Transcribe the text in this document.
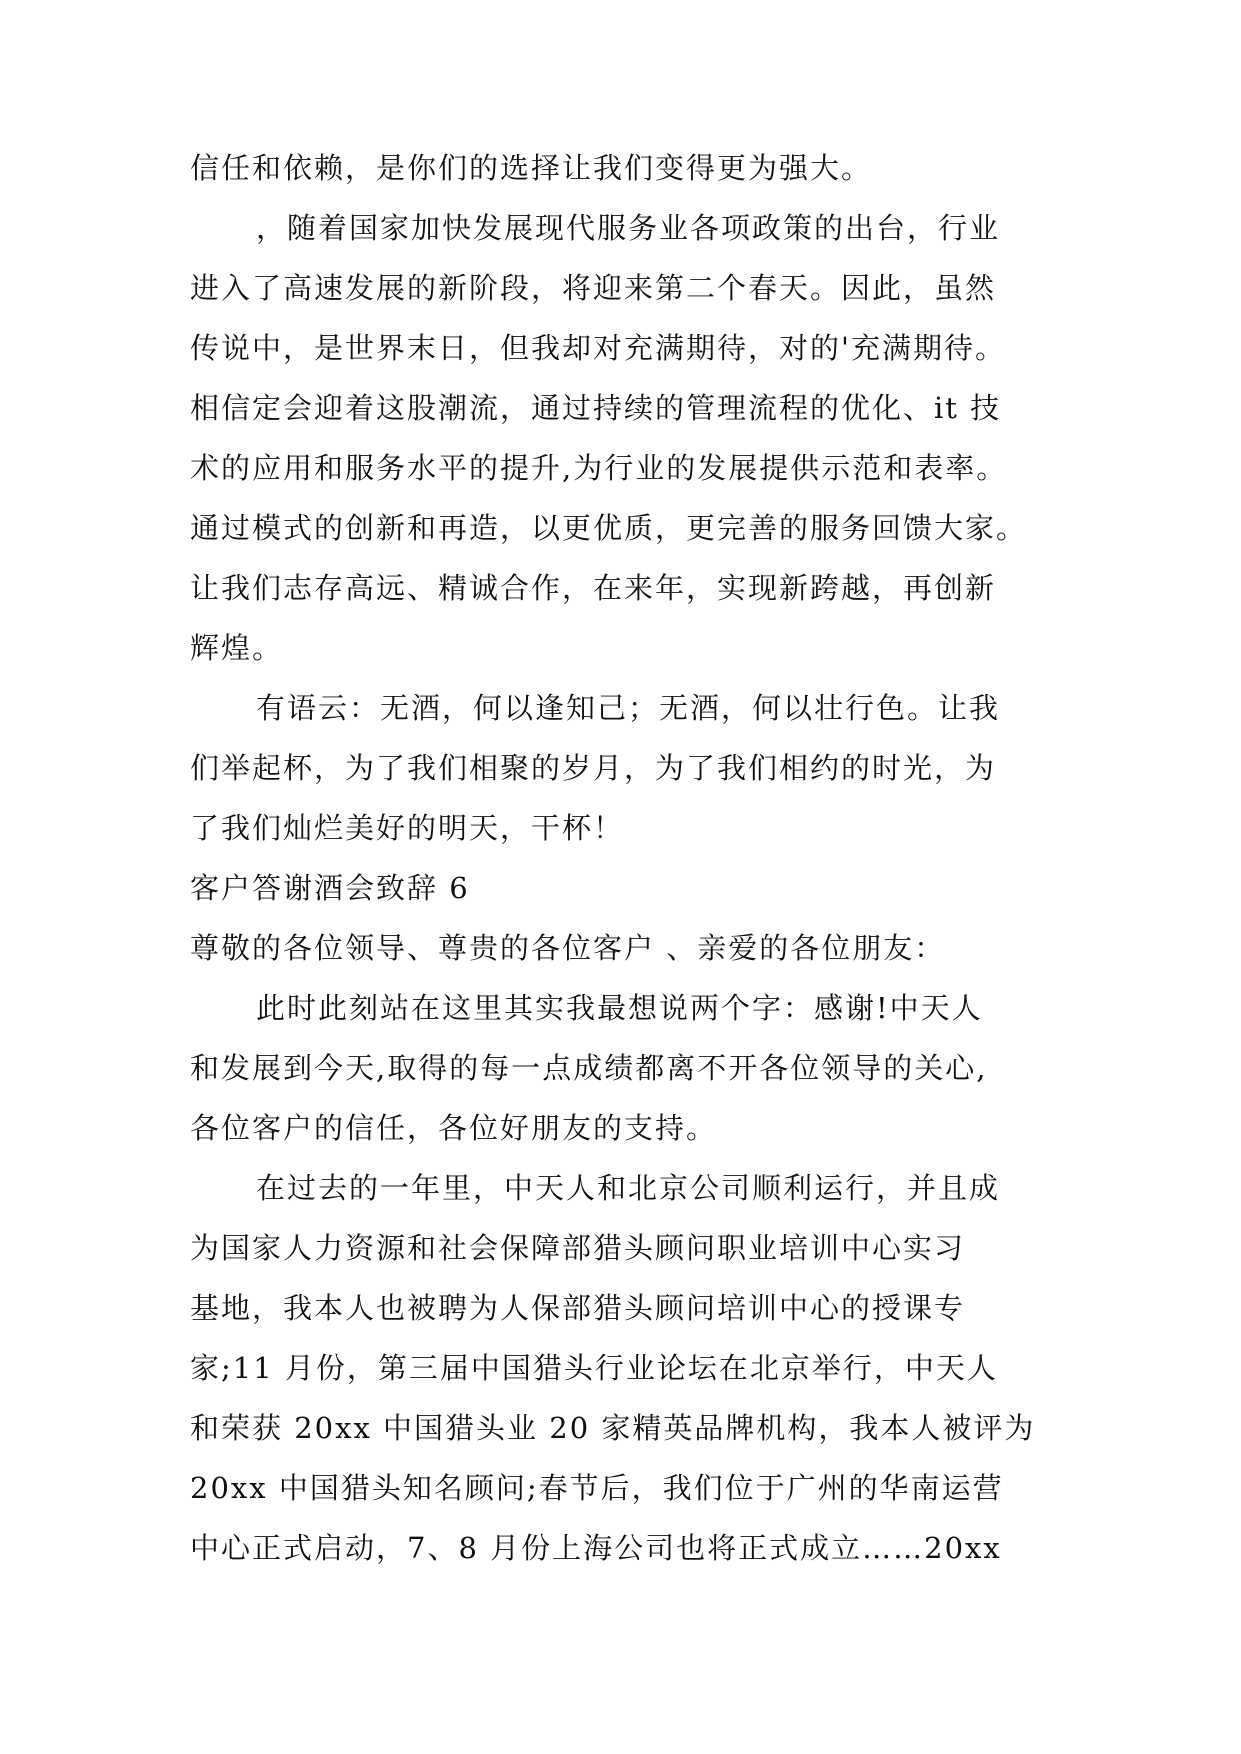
信任和依赖，是你们的选择让我们变得更为强大。
，随着国家加快发展现代服务业各项政策的出台，行业
进入了高速发展的新阶段，将迎来第二个春天。因此，虽然
传说中，是世界末日，但我却对充满期待，对的'充满期待。
相信定会迎着这股潮流，通过持续的管理流程的优化、it 技
术的应用和服务水平的提升,为行业的发展提供示范和表率。
通过模式的创新和再造，以更优质，更完善的服务回馈大家。
让我们志存高远、精诚合作，在来年，实现新跨越，再创新
辉煌。
有语云：无酒，何以逢知己；无酒，何以壮行色。让我
们举起杯，为了我们相聚的岁月，为了我们相约的时光，为
了我们灿烂美好的明天，干杯！
客户答谢酒会致辞 6
尊敬的各位领导、尊贵的各位客户 、亲爱的各位朋友：
此时此刻站在这里其实我最想说两个字：感谢!中天人
和发展到今天,取得的每一点成绩都离不开各位领导的关心,
各位客户的信任，各位好朋友的支持。
在过去的一年里，中天人和北京公司顺利运行，并且成
为国家人力资源和社会保障部猎头顾问职业培训中心实习
基地，我本人也被聘为人保部猎头顾问培训中心的授课专
家;11 月份，第三届中国猎头行业论坛在北京举行，中天人
和荣获 20xx 中国猎头业 20 家精英品牌机构，我本人被评为
20xx 中国猎头知名顾问;春节后，我们位于广州的华南运营
中心正式启动，7、8 月份上海公司也将正式成立……20xx
